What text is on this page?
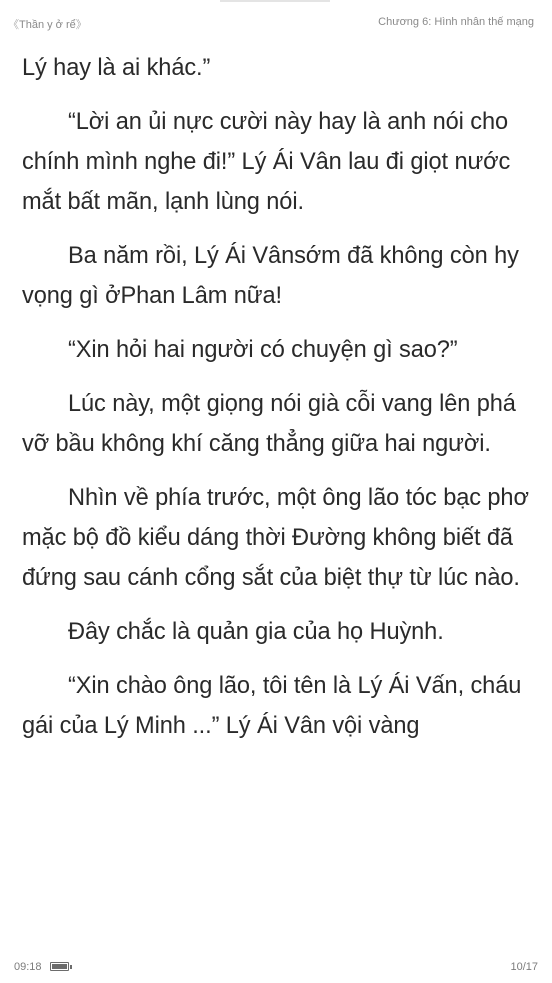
《Thần y ở rể》	Chương 6: Hình nhân thế mạng

Lý hay là ai khác.”

“Lời an ủi nực cười này hay là anh nói cho chính mình nghe đi!” Lý Ái Vân lau đi giọt nước mắt bất mãn, lạnh lùng nói.

Ba năm rồi, Lý Ái Vânsớm đã không còn hy vọng gì ởPhan Lâm nữa!

“Xin hỏi hai người có chuyện gì sao?”

Lúc này, một giọng nói già cỗi vang lên phá vỡ bầu không khí căng thẳng giữa hai người.

Nhìn về phía trước, một ông lão tóc bạc phơ mặc bộ đồ kiểu dáng thời Đường không biết đã đứng sau cánh cổng sắt của biệt thự từ lúc nào.

Đây chắc là quản gia của họ Huỳnh.

“Xin chào ông lão, tôi tên là Lý Ái Vấn, cháu gái của Lý Minh ...” Lý Ái Vân vội vàng

09:18	10/17
